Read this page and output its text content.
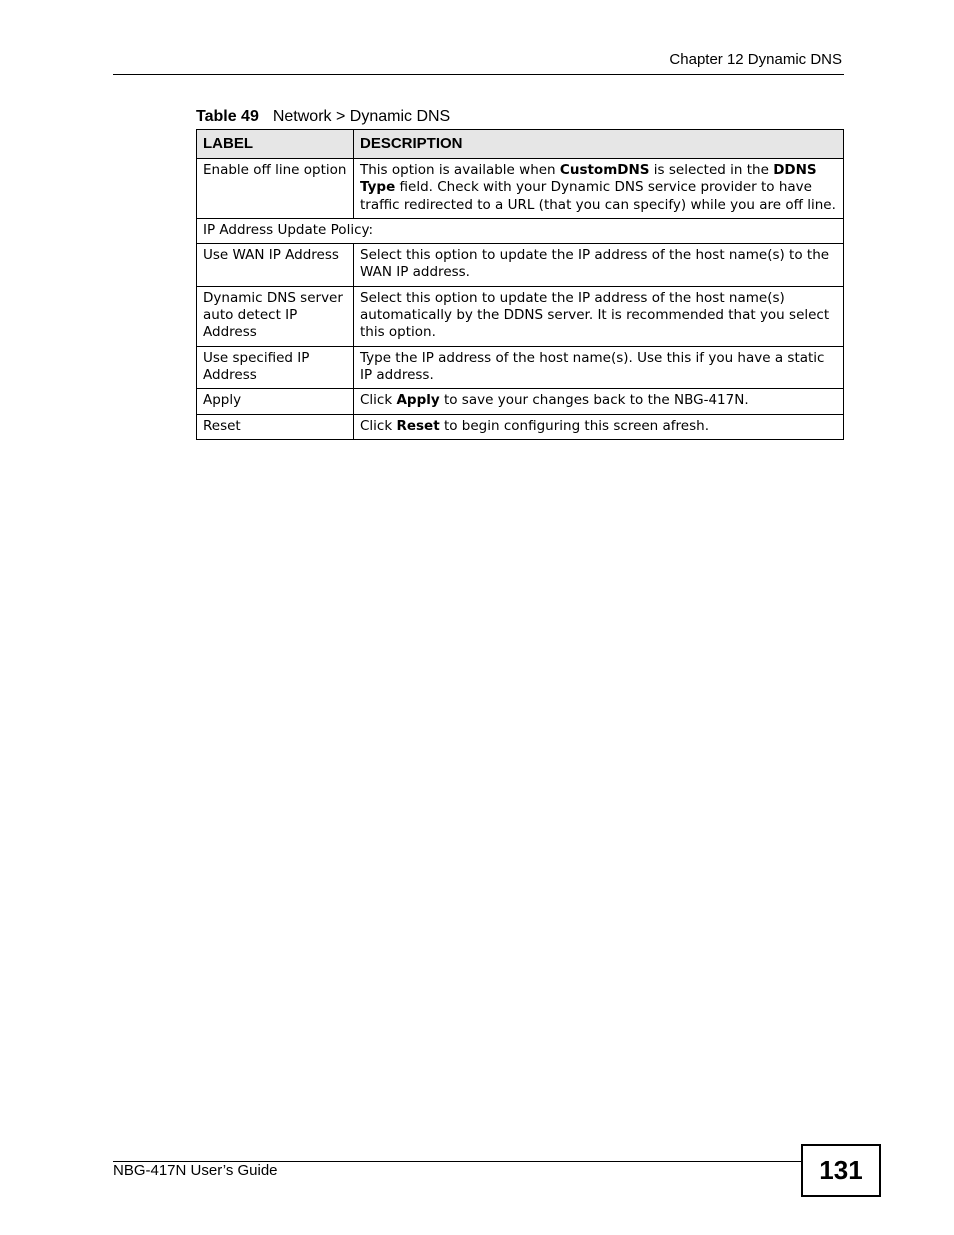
Chapter 12 Dynamic DNS
Table 49 Network > Dynamic DNS
LABEL	DESCRIPTION
Enable off line option	This option is available when CustomDNS is selected in the DDNS Type field. Check with your Dynamic DNS service provider to have traffic redirected to a URL (that you can specify) while you are off line.
IP Address Update Policy:	
Use WAN IP Address	Select this option to update the IP address of the host name(s) to the WAN IP address.
Dynamic DNS server auto detect IP Address	Select this option to update the IP address of the host name(s) automatically by the DDNS server. It is recommended that you select this option.
Use specified IP Address	Type the IP address of the host name(s). Use this if you have a static IP address.
Apply	Click Apply to save your changes back to the NBG-417N.
Reset	Click Reset to begin configuring this screen afresh.
NBG-417N User’s Guide	131
